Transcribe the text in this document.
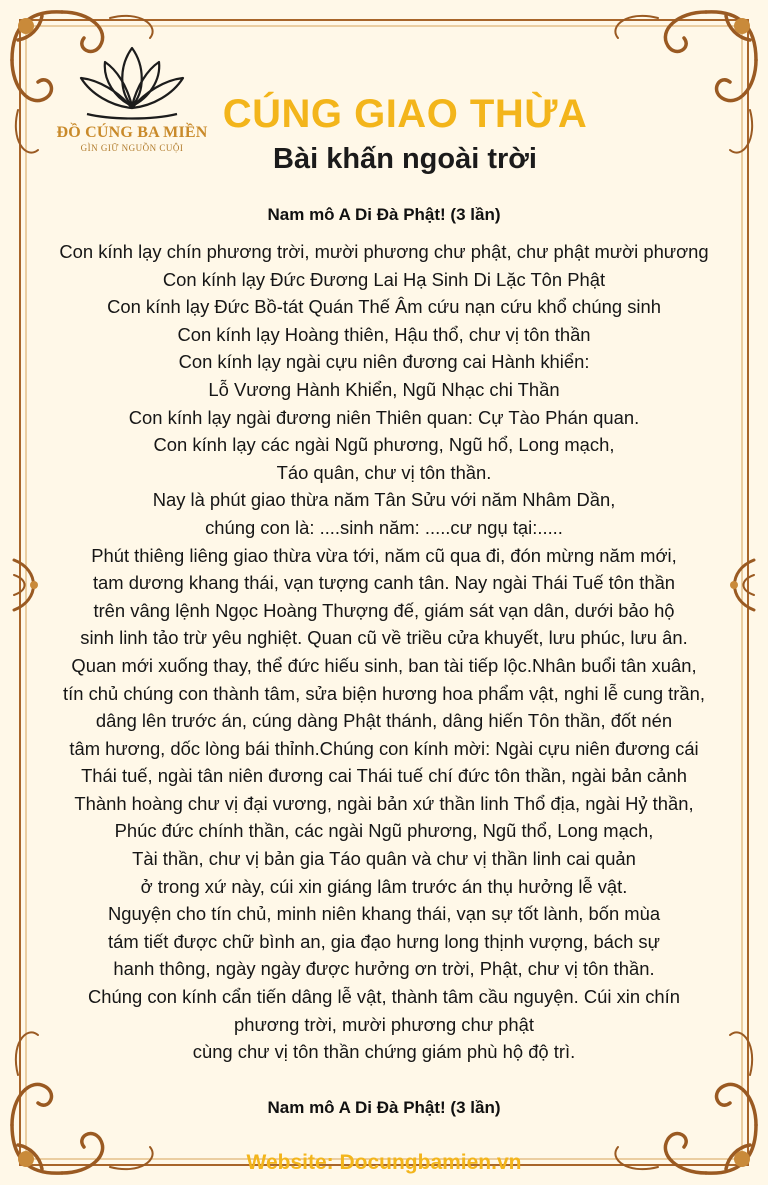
ĐỒ CÚNG BA MIỀN
GÌN GIỮ NGUỒN CUỘI
CÚNG GIAO THỪA
Bài khấn ngoài trời
Nam mô A Di Đà Phật! (3 lần)
Con kính lạy chín phương trời, mười phương chư phật, chư phật mười phương
Con kính lạy Đức Đương Lai Hạ Sinh Di Lặc Tôn Phật
Con kính lạy Đức Bồ-tát Quán Thế Âm cứu nạn cứu khổ chúng sinh
Con kính lạy Hoàng thiên, Hậu thổ, chư vị tôn thần
Con kính lạy ngài cựu niên đương cai Hành khiển:
Lỗ Vương Hành Khiển, Ngũ Nhạc chi Thần
Con kính lạy ngài đương niên Thiên quan: Cự Tào Phán quan.
Con kính lạy các ngài Ngũ phương, Ngũ hổ, Long mạch,
Táo quân, chư vị tôn thần.
Nay là phút giao thừa năm Tân Sửu với năm Nhâm Dần,
chúng con là: ....sinh năm: .....cư ngụ tại:.....
Phút thiêng liêng giao thừa vừa tới, năm cũ qua đi, đón mừng năm mới,
tam dương khang thái, vạn tượng canh tân. Nay ngài Thái Tuế tôn thần
trên vâng lệnh Ngọc Hoàng Thượng đế, giám sát vạn dân, dưới bảo hộ
sinh linh tảo trừ yêu nghiệt. Quan cũ về triều cửa khuyết, lưu phúc, lưu ân.
Quan mới xuống thay, thể đức hiếu sinh, ban tài tiếp lộc.Nhân buổi tân xuân,
tín chủ chúng con thành tâm, sửa biện hương hoa phẩm vật, nghi lễ cung trần,
dâng lên trước án, cúng dàng Phật thánh, dâng hiến Tôn thần, đốt nén
tâm hương, dốc lòng bái thỉnh.Chúng con kính mời: Ngài cựu niên đương cái
Thái tuế, ngài tân niên đương cai Thái tuế chí đức tôn thần, ngài bản cảnh
Thành hoàng chư vị đại vương, ngài bản xứ thần linh Thổ địa, ngài Hỷ thần,
Phúc đức chính thần, các ngài Ngũ phương, Ngũ thổ, Long mạch,
Tài thần, chư vị bản gia Táo quân và chư vị thần linh cai quản
ở trong xứ này, cúi xin giáng lâm trước án thụ hưởng lễ vật.
Nguyện cho tín chủ, minh niên khang thái, vạn sự tốt lành, bốn mùa
tám tiết được chữ bình an, gia đạo hưng long thịnh vượng, bách sự
hanh thông, ngày ngày được hưởng ơn trời, Phật, chư vị tôn thần.
Chúng con kính cẩn tiến dâng lễ vật, thành tâm cầu nguyện. Cúi xin chín
phương trời, mười phương chư phật
cùng chư vị tôn thần chứng giám phù hộ độ trì.
Nam mô A Di Đà Phật! (3 lần)
Website: Docungbamien.vn
